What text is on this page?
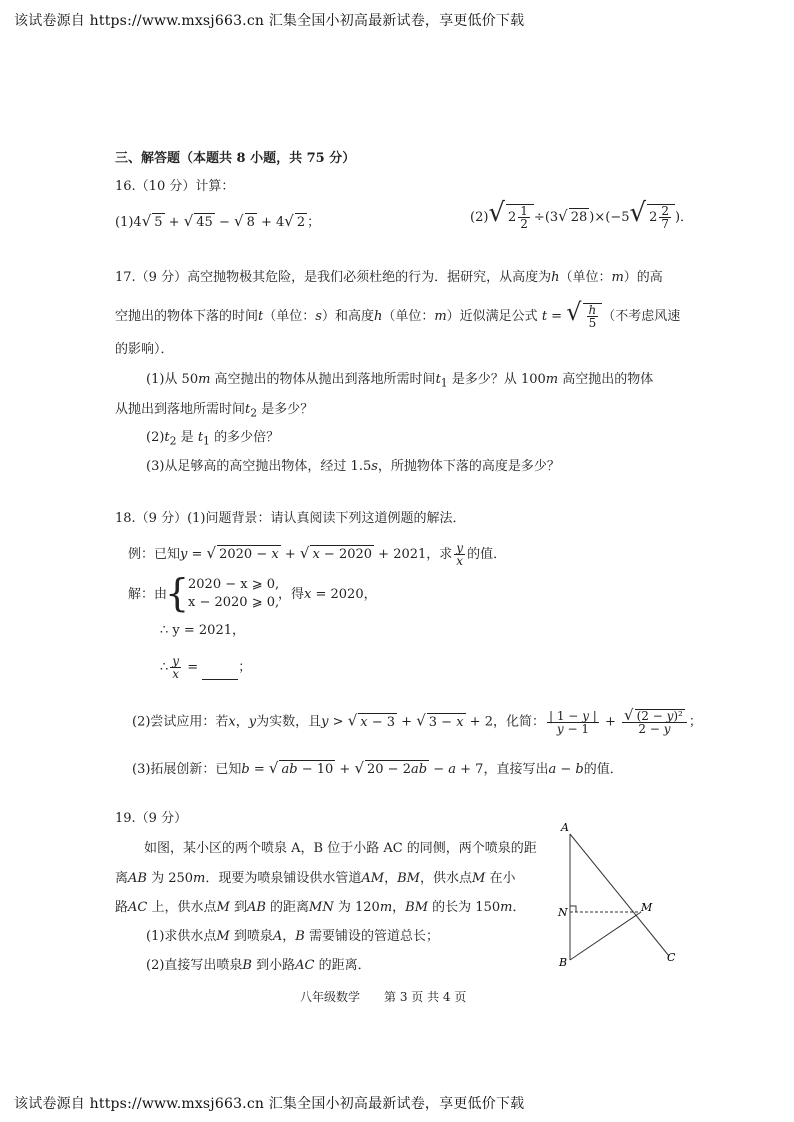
该试卷源自 https://www.mxsj663.cn 汇集全国小初高最新试卷，享更低价下载
三、解答题（本题共 8 小题，共 75 分）
16.（10 分）计算：
(1)4√ 5 + √ 45 − √ 8 + 4√ 2 ；	(2)√ $2 \frac{1}{2} \div(3√$ 28 )×(−5√ $2 \frac{2}{7}$ )．
17.（9 分）高空抛物极其危险，是我们必须杜绝的行为．据研究，从高度为h（单位：m）的高
空抛出的物体下落的时间t（单位：s）和高度h（单位：m）近似满足公式 t = √ $\frac{h}{5}$ （不考虑风速
的影响）．
(1)从 50m 高空抛出的物体从抛出到落地所需时间$t_1$ 是多少？从 100m 高空抛出的物体
从抛出到落地所需时间$t_2$ 是多少？
$(2)t_2$ 是 $t_1$ 的多少倍？
(3)从足够高的高空抛出物体，经过 1.5s，所抛物体下落的高度是多少？
18.（9 分）(1)问题背景：请认真阅读下列这道例题的解法．
例：已知y = √ 2020 − x + √ x − 2020 + 2021，求 $\frac{y}{x}$ 的值．
解：由
{
2020 − x ⩾ 0,
x − 2020 ⩾ 0,
，得x = 2020，
∴ y = 2021，
∴ $\frac{y}{x}$ =	；
(2)尝试应用：若x，y为实数，且y > √ x − 3 + √ 3 − x + 2，化简： $\frac{| 1 - y |}{y - 1} + \frac{\text{√ (2 − y)²}}{2 - y}$ ；
(3)拓展创新：已知b = √ ab − 10 + √ 20 − 2ab − a + 7，直接写出a − b的值．
19.（9 分）
如图，某小区的两个喷泉 A，B 位于小路 AC 的同侧，两个喷泉的距
离AB 为 250m．现要为喷泉铺设供水管道AM，BM，供水点M 在小
路AC 上，供水点M 到AB 的距离MN 为 120m，BM 的长为 150m．
(1)求供水点M 到喷泉A，B 需要铺设的管道总长；
(2)直接写出喷泉B 到小路AC 的距离．
A
B	C
M
N
八年级数学　　第 3 页 共 4 页
该试卷源自 https://www.mxsj663.cn 汇集全国小初高最新试卷，享更低价下载
